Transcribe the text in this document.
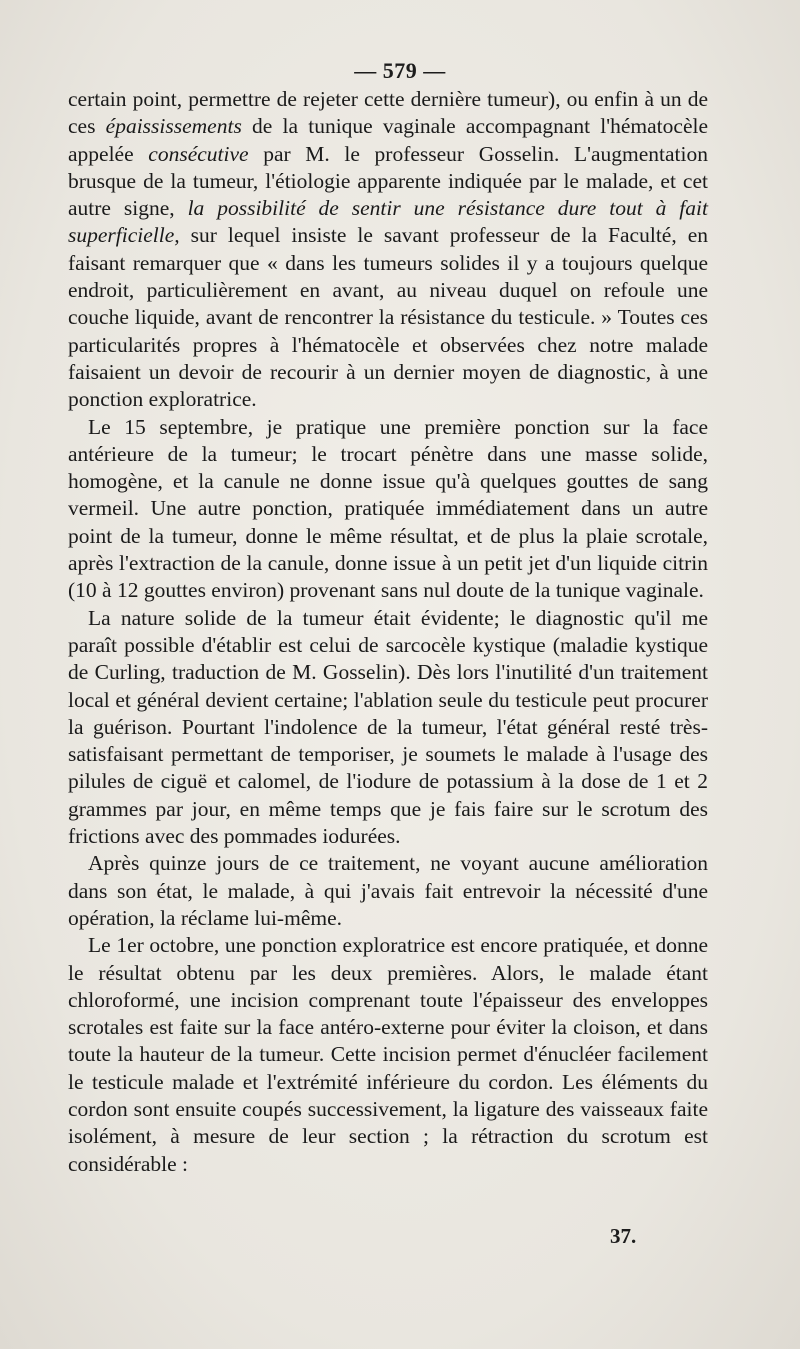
— 579 —

certain point, permettre de rejeter cette dernière tumeur), ou enfin à un de ces épaississements de la tunique vaginale accompagnant l'hématocèle appelée consécutive par M. le professeur Gosselin. L'augmentation brusque de la tumeur, l'étiologie apparente indiquée par le malade, et cet autre signe, la possibilité de sentir une résistance dure tout à fait superficielle, sur lequel insiste le savant professeur de la Faculté, en faisant remarquer que « dans les tumeurs solides il y a toujours quelque endroit, particulièrement en avant, au niveau duquel on refoule une couche liquide, avant de rencontrer la résistance du testicule. » Toutes ces particularités propres à l'hématocèle et observées chez notre malade faisaient un devoir de recourir à un dernier moyen de diagnostic, à une ponction exploratrice.

Le 15 septembre, je pratique une première ponction sur la face antérieure de la tumeur; le trocart pénètre dans une masse solide, homogène, et la canule ne donne issue qu'à quelques gouttes de sang vermeil. Une autre ponction, pratiquée immédiatement dans un autre point de la tumeur, donne le même résultat, et de plus la plaie scrotale, après l'extraction de la canule, donne issue à un petit jet d'un liquide citrin (10 à 12 gouttes environ) provenant sans nul doute de la tunique vaginale.

La nature solide de la tumeur était évidente; le diagnostic qu'il me paraît possible d'établir est celui de sarcocèle kystique (maladie kystique de Curling, traduction de M. Gosselin). Dès lors l'inutilité d'un traitement local et général devient certaine; l'ablation seule du testicule peut procurer la guérison. Pourtant l'indolence de la tumeur, l'état général resté très-satisfaisant permettant de temporiser, je soumets le malade à l'usage des pilules de ciguë et calomel, de l'iodure de potassium à la dose de 1 et 2 grammes par jour, en même temps que je fais faire sur le scrotum des frictions avec des pommades iodurées.

Après quinze jours de ce traitement, ne voyant aucune amélioration dans son état, le malade, à qui j'avais fait entrevoir la nécessité d'une opération, la réclame lui-même.

Le 1er octobre, une ponction exploratrice est encore pratiquée, et donne le résultat obtenu par les deux premières. Alors, le malade étant chloroformé, une incision comprenant toute l'épaisseur des enveloppes scrotales est faite sur la face antéro-externe pour éviter la cloison, et dans toute la hauteur de la tumeur. Cette incision permet d'énucléer facilement le testicule malade et l'extrémité inférieure du cordon. Les éléments du cordon sont ensuite coupés successivement, la ligature des vaisseaux faite isolément, à mesure de leur section ; la rétraction du scrotum est considérable :

37.
